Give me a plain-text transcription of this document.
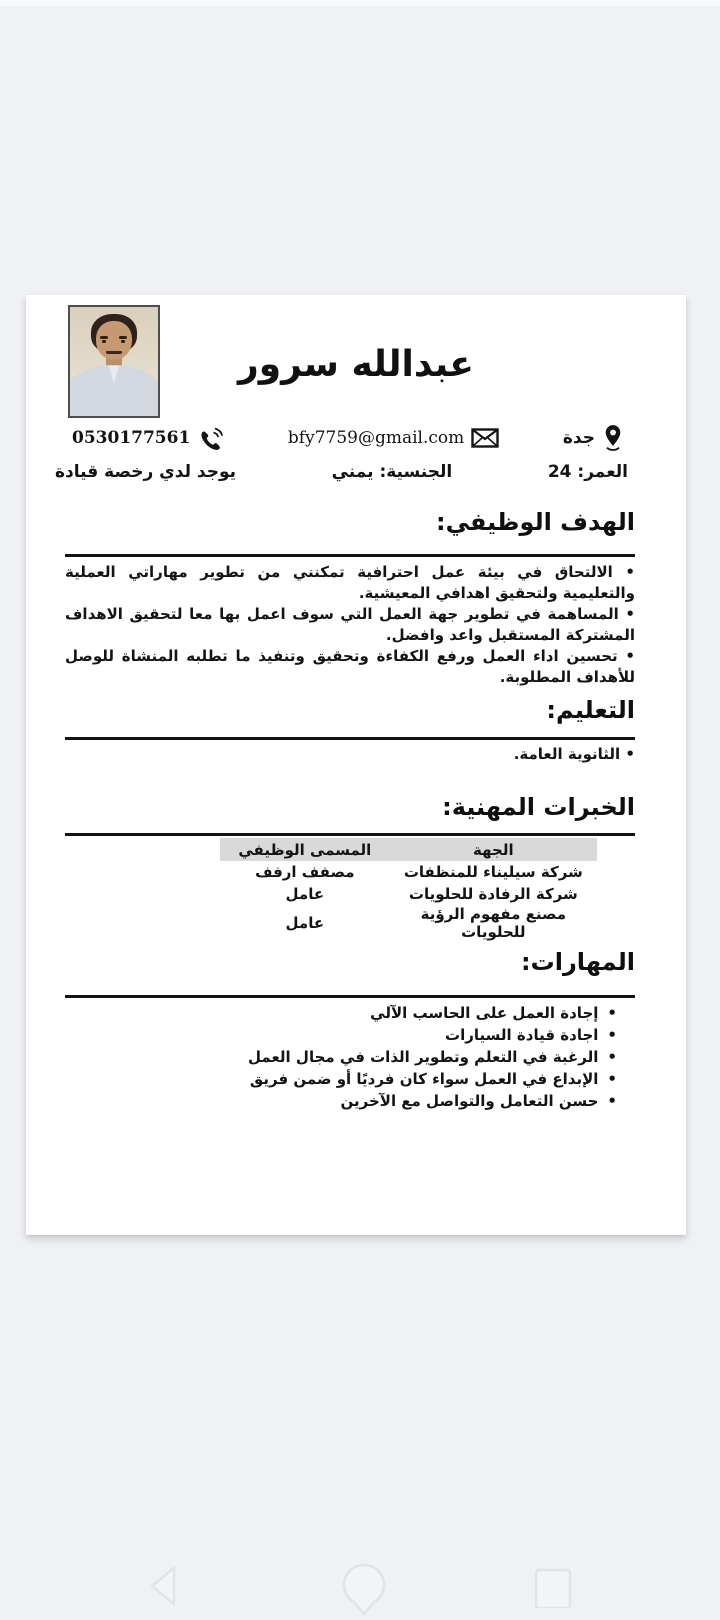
عبدالله سرور
جدة
bfy7759@gmail.com
0530177561
العمر: 24
الجنسية: يمني
يوجد لدي رخصة قيادة
الهدف الوظيفي:
• الالتحاق في بيئة عمل احترافية تمكنني من تطوير مهاراتي العملية والتعليمية ولتحقيق اهدافي المعيشية.
• المساهمة في تطوير جهة العمل التي سوف اعمل بها معا لتحقيق الاهداف المشتركة المستقبل واعد وافضل.
• تحسين اداء العمل ورفع الكفاءة وتحقيق وتنفيذ ما تطلبه المنشاة للوصل للأهداف المطلوبة.
التعليم:
• الثانوية العامة.
الخبرات المهنية:
الجهة	المسمى الوظيفي
شركة سيليناء للمنظفات	مصفف ارفف
شركة الرفادة للحلويات	عامل
مصنع مفهوم الرؤية للحلويات	عامل
المهارات:
• إجادة العمل على الحاسب الآلي
• اجادة قيادة السيارات
• الرغبة في التعلم وتطوير الذات في مجال العمل
• الإبداع في العمل سواء كان فرديًا أو ضمن فريق
• حسن التعامل والتواصل مع الآخرين
